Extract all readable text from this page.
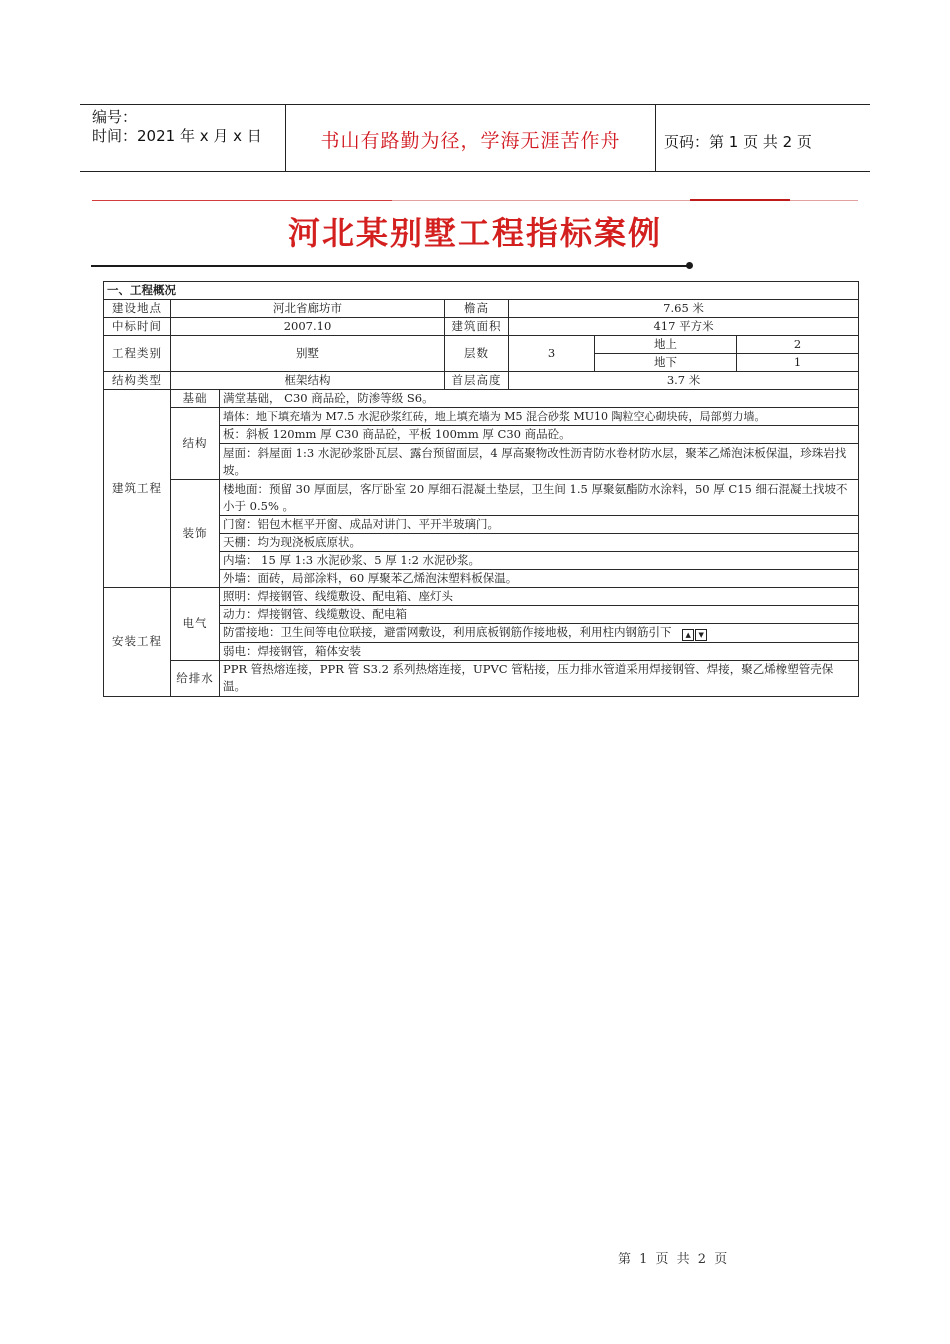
编号：
时间：2021 年 x 月 x 日	书山有路勤为径，学海无涯苦作舟	页码：第 1 页 共 2 页
河北某别墅工程指标案例
一、工程概况						
建设地点	河北省廊坊市		檐高	7.65 米		
中标时间	2007.10		建筑面积	417 平方米		
工程类别	别墅		层数	3	地上	2
					地下	1
结构类型	框架结构		首层高度	3.7 米		
建筑工程	基础	满堂基础， C30 商品砼，防渗等级 S6。				
	结构	墙体：地下填充墙为 M7.5 水泥砂浆红砖，地上填充墙为 M5 混合砂浆 MU10 陶粒空心砌块砖，局部剪力墙。				
		板：斜板 120mm 厚 C30 商品砼，平板 100mm 厚 C30 商品砼。				
		屋面：斜屋面 1:3 水泥砂浆卧瓦层、露台预留面层，4 厚高聚物改性沥青防水卷材防水层，聚苯乙烯泡沫板保温，珍珠岩找坡。				
	装饰	楼地面：预留 30 厚面层，客厅卧室 20 厚细石混凝土垫层，卫生间 1.5 厚聚氨酯防水涂料，50 厚 C15 细石混凝土找坡不小于 0.5% 。				
		门窗：铝包木框平开窗、成品对讲门、平开半玻璃门。				
		天棚：均为现浇板底原状。				
		内墙： 15 厚 1:3 水泥砂浆、5 厚 1:2 水泥砂浆。				
		外墙：面砖，局部涂料，60 厚聚苯乙烯泡沫塑料板保温。				
安装工程	电气	照明：焊接钢管、线缆敷设、配电箱、座灯头				
		动力：焊接钢管、线缆敷设、配电箱				
		防雷接地：卫生间等电位联接，避雷网敷设，利用底板钢筋作接地极，利用柱内钢筋引下 ▲ ▼				
		弱电：焊接钢管，箱体安装				
	给排水	PPR 管热熔连接，PPR 管 S3.2 系列热熔连接，UPVC 管粘接，压力排水管道采用焊接钢管、焊接，聚乙烯橡塑管壳保温。				
第 1 页 共 2 页
